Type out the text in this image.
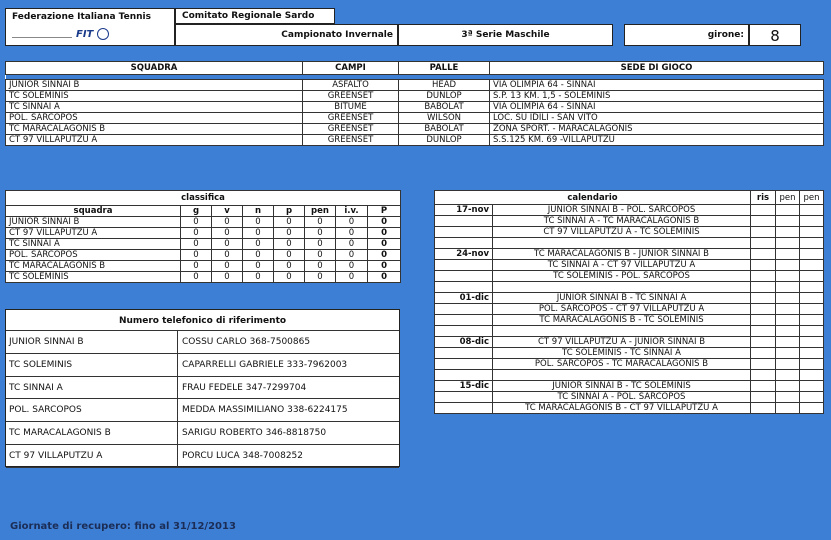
Federazione Italiana Tennis

FIT
Comitato Regionale Sardo
Campionato Invernale	3ª Serie Maschile	girone:	8
SQUADRA	CAMPI	PALLE	SEDE DI GIOCO

JUNIOR SINNAI B	ASFALTO	HEAD	VIA OLIMPIA 64 - SINNAI
TC SOLEMINIS	GREENSET	DUNLOP	S.P. 13 KM. 1,5 - SOLEMINIS
TC SINNAI A	BITUME	BABOLAT	VIA OLIMPIA 64 - SINNAI
POL. SARCOPOS	GREENSET	WILSON	LOC. SU IDILI - SAN VITO
TC MARACALAGONIS B	GREENSET	BABOLAT	ZONA SPORT. - MARACALAGONIS
CT 97 VILLAPUTZU A	GREENSET	DUNLOP	S.S.125 KM. 69 -VILLAPUTZU
classifica							
squadra	g	v	n	p	pen	i.v.	P
JUNIOR SINNAI B	0	0	0	0	0	0	0
CT 97 VILLAPUTZU A	0	0	0	0	0	0	0
TC SINNAI A	0	0	0	0	0	0	0
POL. SARCOPOS	0	0	0	0	0	0	0
TC MARACALAGONIS B	0	0	0	0	0	0	0
TC SOLEMINIS	0	0	0	0	0	0	0
Numero telefonico di riferimento
JUNIOR SINNAI B	COSSU CARLO 368-7500865
TC SOLEMINIS	CAPARRELLI GABRIELE 333-7962003
TC SINNAI A	FRAU FEDELE 347-7299704
POL. SARCOPOS	MEDDA MASSIMILIANO 338-6224175
TC MARACALAGONIS B	SARIGU ROBERTO 346-8818750
CT 97 VILLAPUTZU A	PORCU LUCA 348-7008252
calendario		ris	pen	pen
17-nov	JUNIOR SINNAI B - POL. SARCOPOS			
	TC SINNAI A - TC MARACALAGONIS B			
	CT 97 VILLAPUTZU A - TC SOLEMINIS			

24-nov	TC MARACALAGONIS B - JUNIOR SINNAI B			
	TC SINNAI A - CT 97 VILLAPUTZU A			
	TC SOLEMINIS - POL. SARCOPOS			

01-dic	JUNIOR SINNAI B - TC SINNAI A			
	POL. SARCOPOS - CT 97 VILLAPUTZU A			
	TC MARACALAGONIS B - TC SOLEMINIS			

08-dic	CT 97 VILLAPUTZU A - JUNIOR SINNAI B			
	TC SOLEMINIS - TC SINNAI A			
	POL. SARCOPOS - TC MARACALAGONIS B			

15-dic	JUNIOR SINNAI B - TC SOLEMINIS			
	TC SINNAI A - POL. SARCOPOS			
	TC MARACALAGONIS B - CT 97 VILLAPUTZU A			
Giornate di recupero: fino al 31/12/2013
